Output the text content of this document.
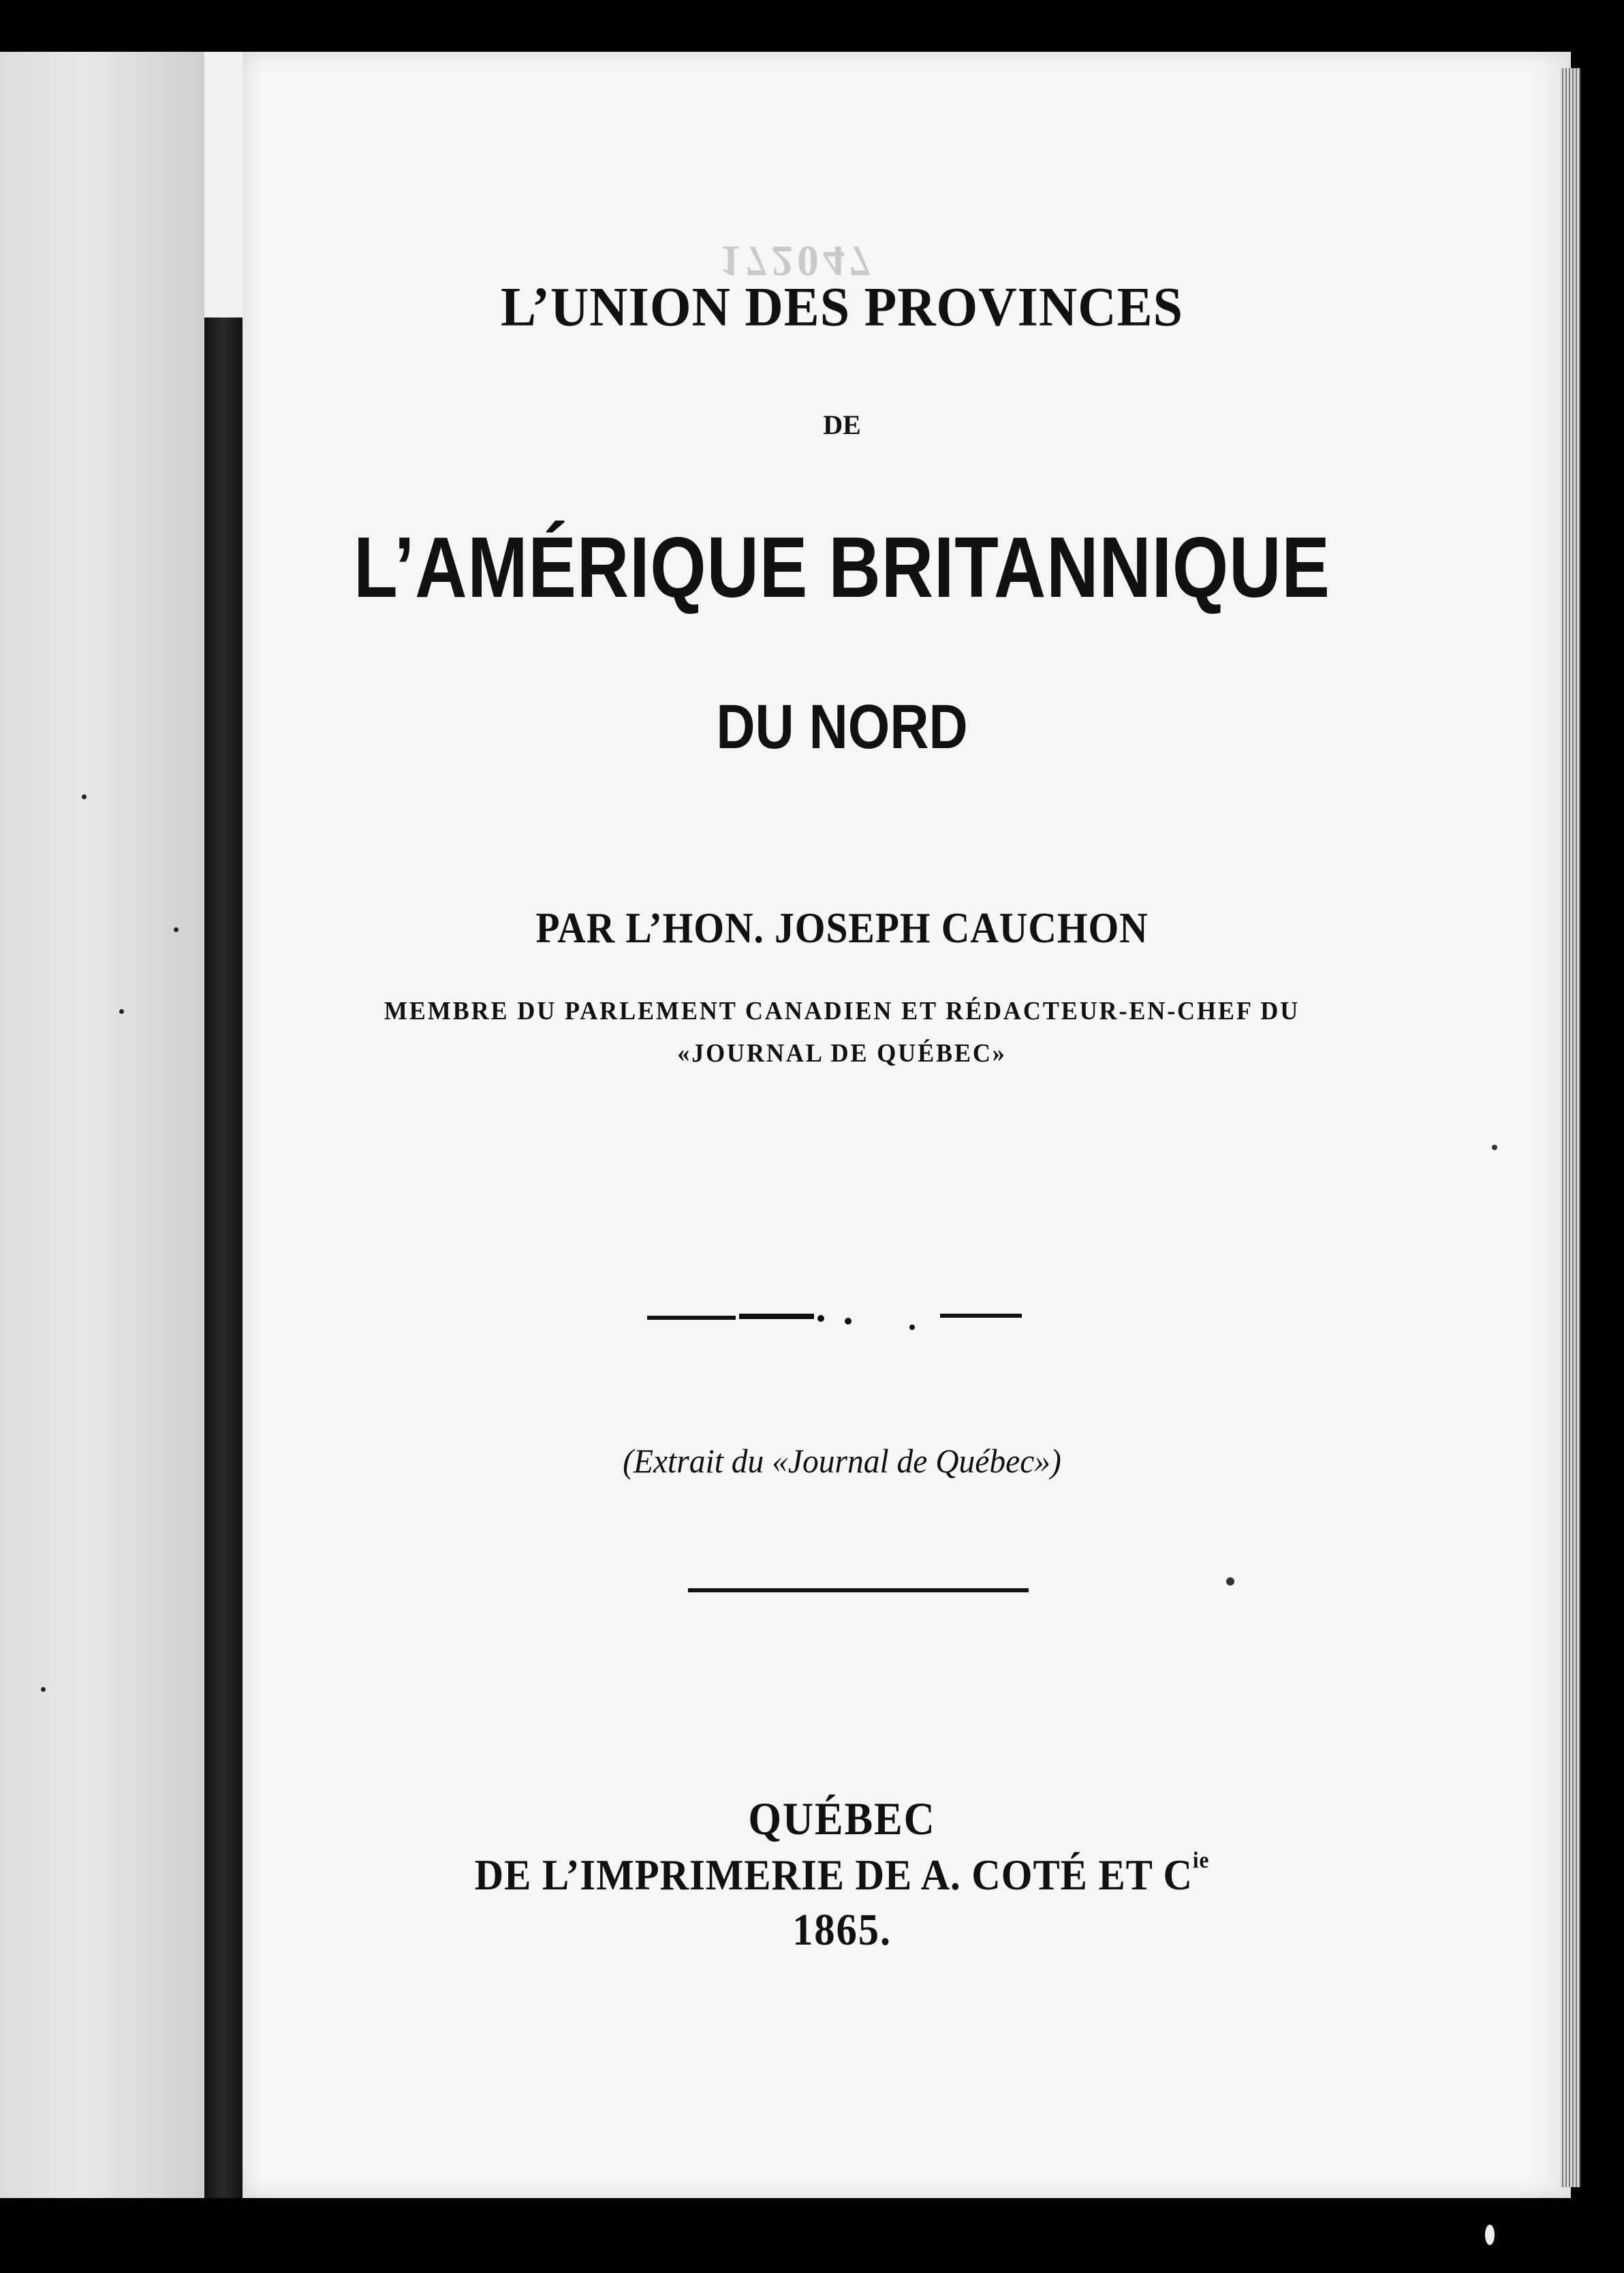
172047
L’UNION DES PROVINCES
DE
L’AMÉRIQUE BRITANNIQUE
DU NORD
PAR L’HON. JOSEPH CAUCHON
MEMBRE DU PARLEMENT CANADIEN ET RÉDACTEUR-EN-CHEF DU
«JOURNAL DE QUÉBEC»
(Extrait du «Journal de Québec»)
QUÉBEC
DE L’IMPRIMERIE DE A. COTÉ ET $C^{ie}$
1865.
